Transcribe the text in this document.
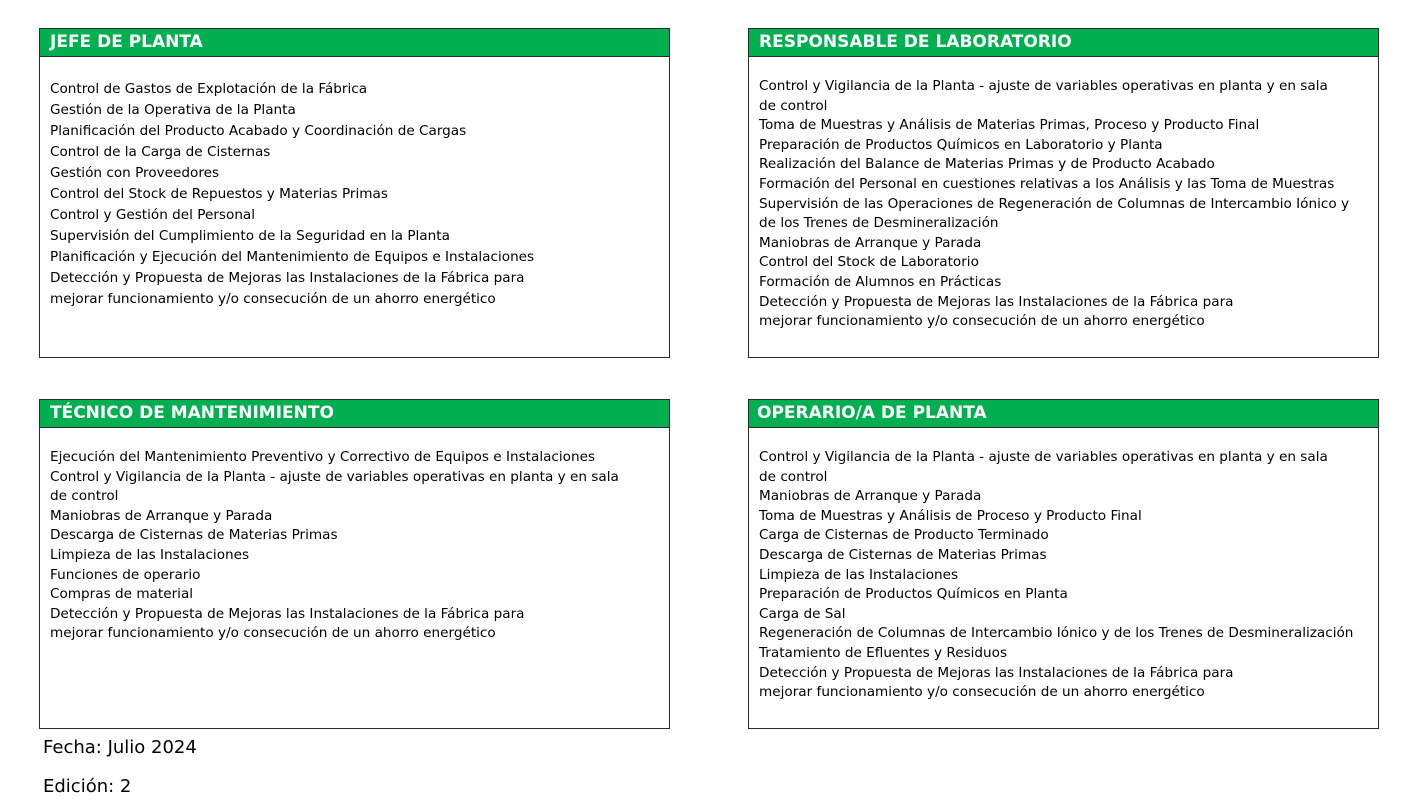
JEFE DE PLANTA
Control de Gastos de Explotación de la Fábrica
Gestión de la Operativa de la Planta
Planificación del Producto Acabado y Coordinación de Cargas
Control de la Carga de Cisternas
Gestión con Proveedores
Control del Stock de Repuestos y Materias Primas
Control y Gestión del Personal
Supervisión del Cumplimiento de la Seguridad en la Planta
Planificación y Ejecución del Mantenimiento de Equipos e Instalaciones
Detección y Propuesta de Mejoras las Instalaciones de la Fábrica para mejorar funcionamiento y/o consecución de un ahorro energético
RESPONSABLE DE LABORATORIO
Control y Vigilancia de la Planta - ajuste de variables operativas en planta y en sala de control
Toma de Muestras y Análisis de Materias Primas, Proceso y Producto Final
Preparación de Productos Químicos en Laboratorio y Planta
Realización del Balance de Materias Primas y de Producto Acabado
Formación del Personal en cuestiones relativas a los Análisis y las Toma de Muestras
Supervisión de las Operaciones de Regeneración de Columnas de Intercambio Iónico y de los Trenes de Desmineralización
Maniobras de Arranque y Parada
Control del Stock de Laboratorio
Formación de Alumnos en Prácticas
Detección y Propuesta de Mejoras las Instalaciones de la Fábrica para mejorar funcionamiento y/o consecución de un ahorro energético
TÉCNICO DE MANTENIMIENTO
Ejecución del Mantenimiento Preventivo y Correctivo de Equipos e Instalaciones
Control y Vigilancia de la Planta - ajuste de variables operativas en planta y en sala de control
Maniobras de Arranque y Parada
Descarga de Cisternas de Materias Primas
Limpieza de las Instalaciones
Funciones de operario
Compras de material
Detección y Propuesta de Mejoras las Instalaciones de la Fábrica para mejorar funcionamiento y/o consecución de un ahorro energético
OPERARIO/A DE PLANTA
Control y Vigilancia de la Planta - ajuste de variables operativas en planta y en sala de control
Maniobras de Arranque y Parada
Toma de Muestras y Análisis de Proceso y Producto Final
Carga de Cisternas de Producto Terminado
Descarga de Cisternas de Materias Primas
Limpieza de las Instalaciones
Preparación de Productos Químicos en Planta
Carga de Sal
Regeneración de Columnas de Intercambio Iónico y de los Trenes de Desmineralización
Tratamiento de Efluentes y Residuos
Detección y Propuesta de Mejoras las Instalaciones de la Fábrica para mejorar funcionamiento y/o consecución de un ahorro energético
Fecha: Julio 2024
Edición: 2
